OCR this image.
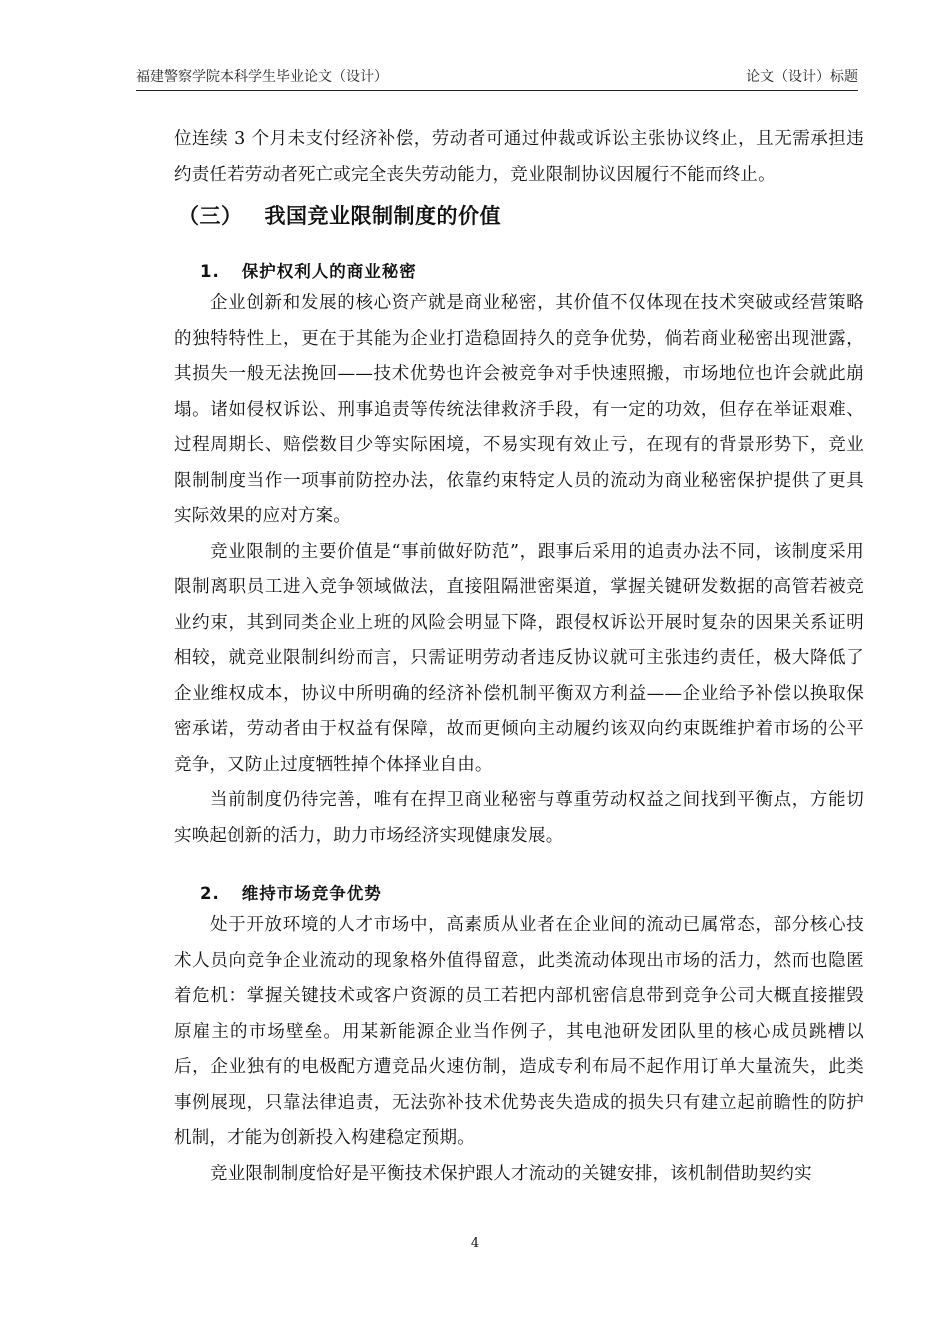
福建警察学院本科学生毕业论文（设计）	论文（设计）标题

位连续 3 个月未支付经济补偿，劳动者可通过仲裁或诉讼主张协议终止，且无需承担违约责任若劳动者死亡或完全丧失劳动能力，竞业限制协议因履行不能而终止。

（三） 我国竞业限制制度的价值
1. 保护权利人的商业秘密

企业创新和发展的核心资产就是商业秘密，其价值不仅体现在技术突破或经营策略的独特特性上，更在于其能为企业打造稳固持久的竞争优势，倘若商业秘密出现泄露，其损失一般无法挽回——技术优势也许会被竞争对手快速照搬，市场地位也许会就此崩塌。诸如侵权诉讼、刑事追责等传统法律救济手段，有一定的功效，但存在举证艰难、过程周期长、赔偿数目少等实际困境，不易实现有效止亏，在现有的背景形势下，竞业限制制度当作一项事前防控办法，依靠约束特定人员的流动为商业秘密保护提供了更具实际效果的应对方案。

竞业限制的主要价值是“事前做好防范”，跟事后采用的追责办法不同，该制度采用限制离职员工进入竞争领域做法，直接阻隔泄密渠道，掌握关键研发数据的高管若被竞业约束，其到同类企业上班的风险会明显下降，跟侵权诉讼开展时复杂的因果关系证明相较，就竞业限制纠纷而言，只需证明劳动者违反协议就可主张违约责任，极大降低了企业维权成本，协议中所明确的经济补偿机制平衡双方利益——企业给予补偿以换取保密承诺，劳动者由于权益有保障，故而更倾向主动履约该双向约束既维护着市场的公平竞争，又防止过度牺牲掉个体择业自由。

当前制度仍待完善，唯有在捍卫商业秘密与尊重劳动权益之间找到平衡点，方能切实唤起创新的活力，助力市场经济实现健康发展。

2. 维持市场竞争优势

处于开放环境的人才市场中，高素质从业者在企业间的流动已属常态，部分核心技术人员向竞争企业流动的现象格外值得留意，此类流动体现出市场的活力，然而也隐匿着危机：掌握关键技术或客户资源的员工若把内部机密信息带到竞争公司大概直接摧毁原雇主的市场壁垒。用某新能源企业当作例子，其电池研发团队里的核心成员跳槽以后，企业独有的电极配方遭竞品火速仿制，造成专利布局不起作用订单大量流失，此类事例展现，只靠法律追责，无法弥补技术优势丧失造成的损失只有建立起前瞻性的防护机制，才能为创新投入构建稳定预期。

竞业限制制度恰好是平衡技术保护跟人才流动的关键安排，该机制借助契约实

4
